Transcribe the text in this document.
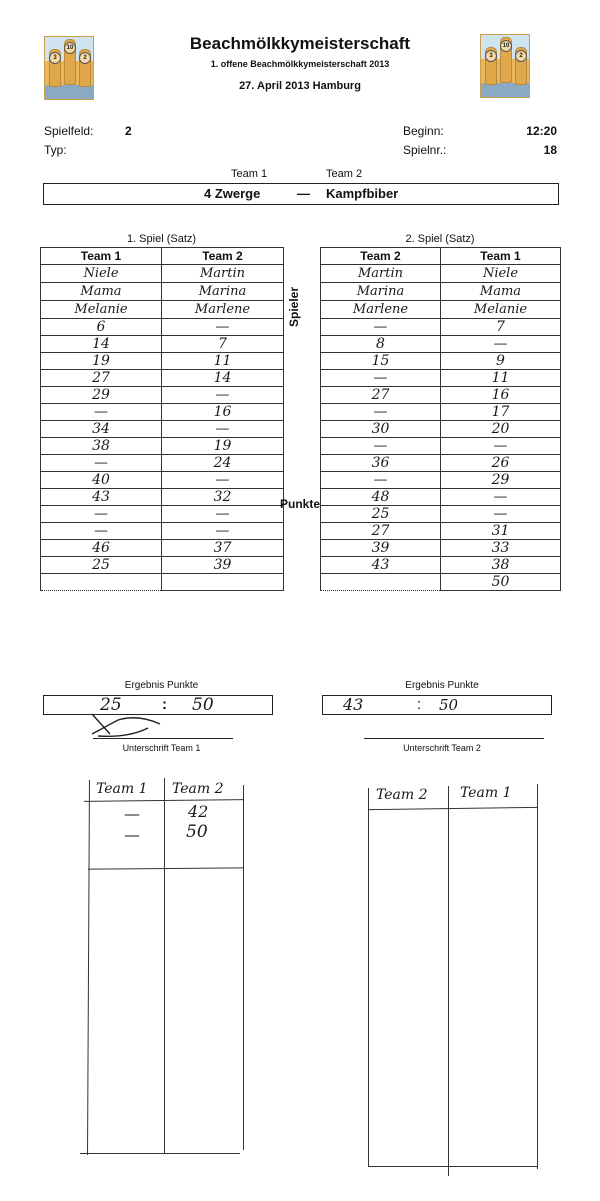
3
10
2	3
10
2
Beachmölkkymeisterschaft
1. offene Beachmölkkymeisterschaft 2013
27. April 2013 Hamburg
Spielfeld:	2
Typ:
Beginn:	12:20
Spielnr.:	18
Team 1	Team 2
4 Zwerge	— Kampfbiber
1. Spiel (Satz)
Team 1	Team 2
Niele	Martin
Mama	Marina
Melanie	Marlene
6	—
14	7
19	11
27	14
29	—
—	16
34	—
38	19
—	24
40	—
43	32
—	—
—	—
46	37
25	39

2. Spiel (Satz)
Team 2	Team 1
Martin	Niele
Marina	Mama
Marlene	Melanie
—	7
8	—
15	9
—	11
27	16
—	17
30	20
—	—
36	26
—	29
48	—
25	—
27	31
39	33
43	38
	50
Spieler
Punkte
Ergebnis Punkte
25	: 50
Unterschrift Team 1
Ergebnis Punkte
43	: 50
Unterschrift Team 2
Team 1 Team 2
—	42
—	50
Team 2 Team 1
